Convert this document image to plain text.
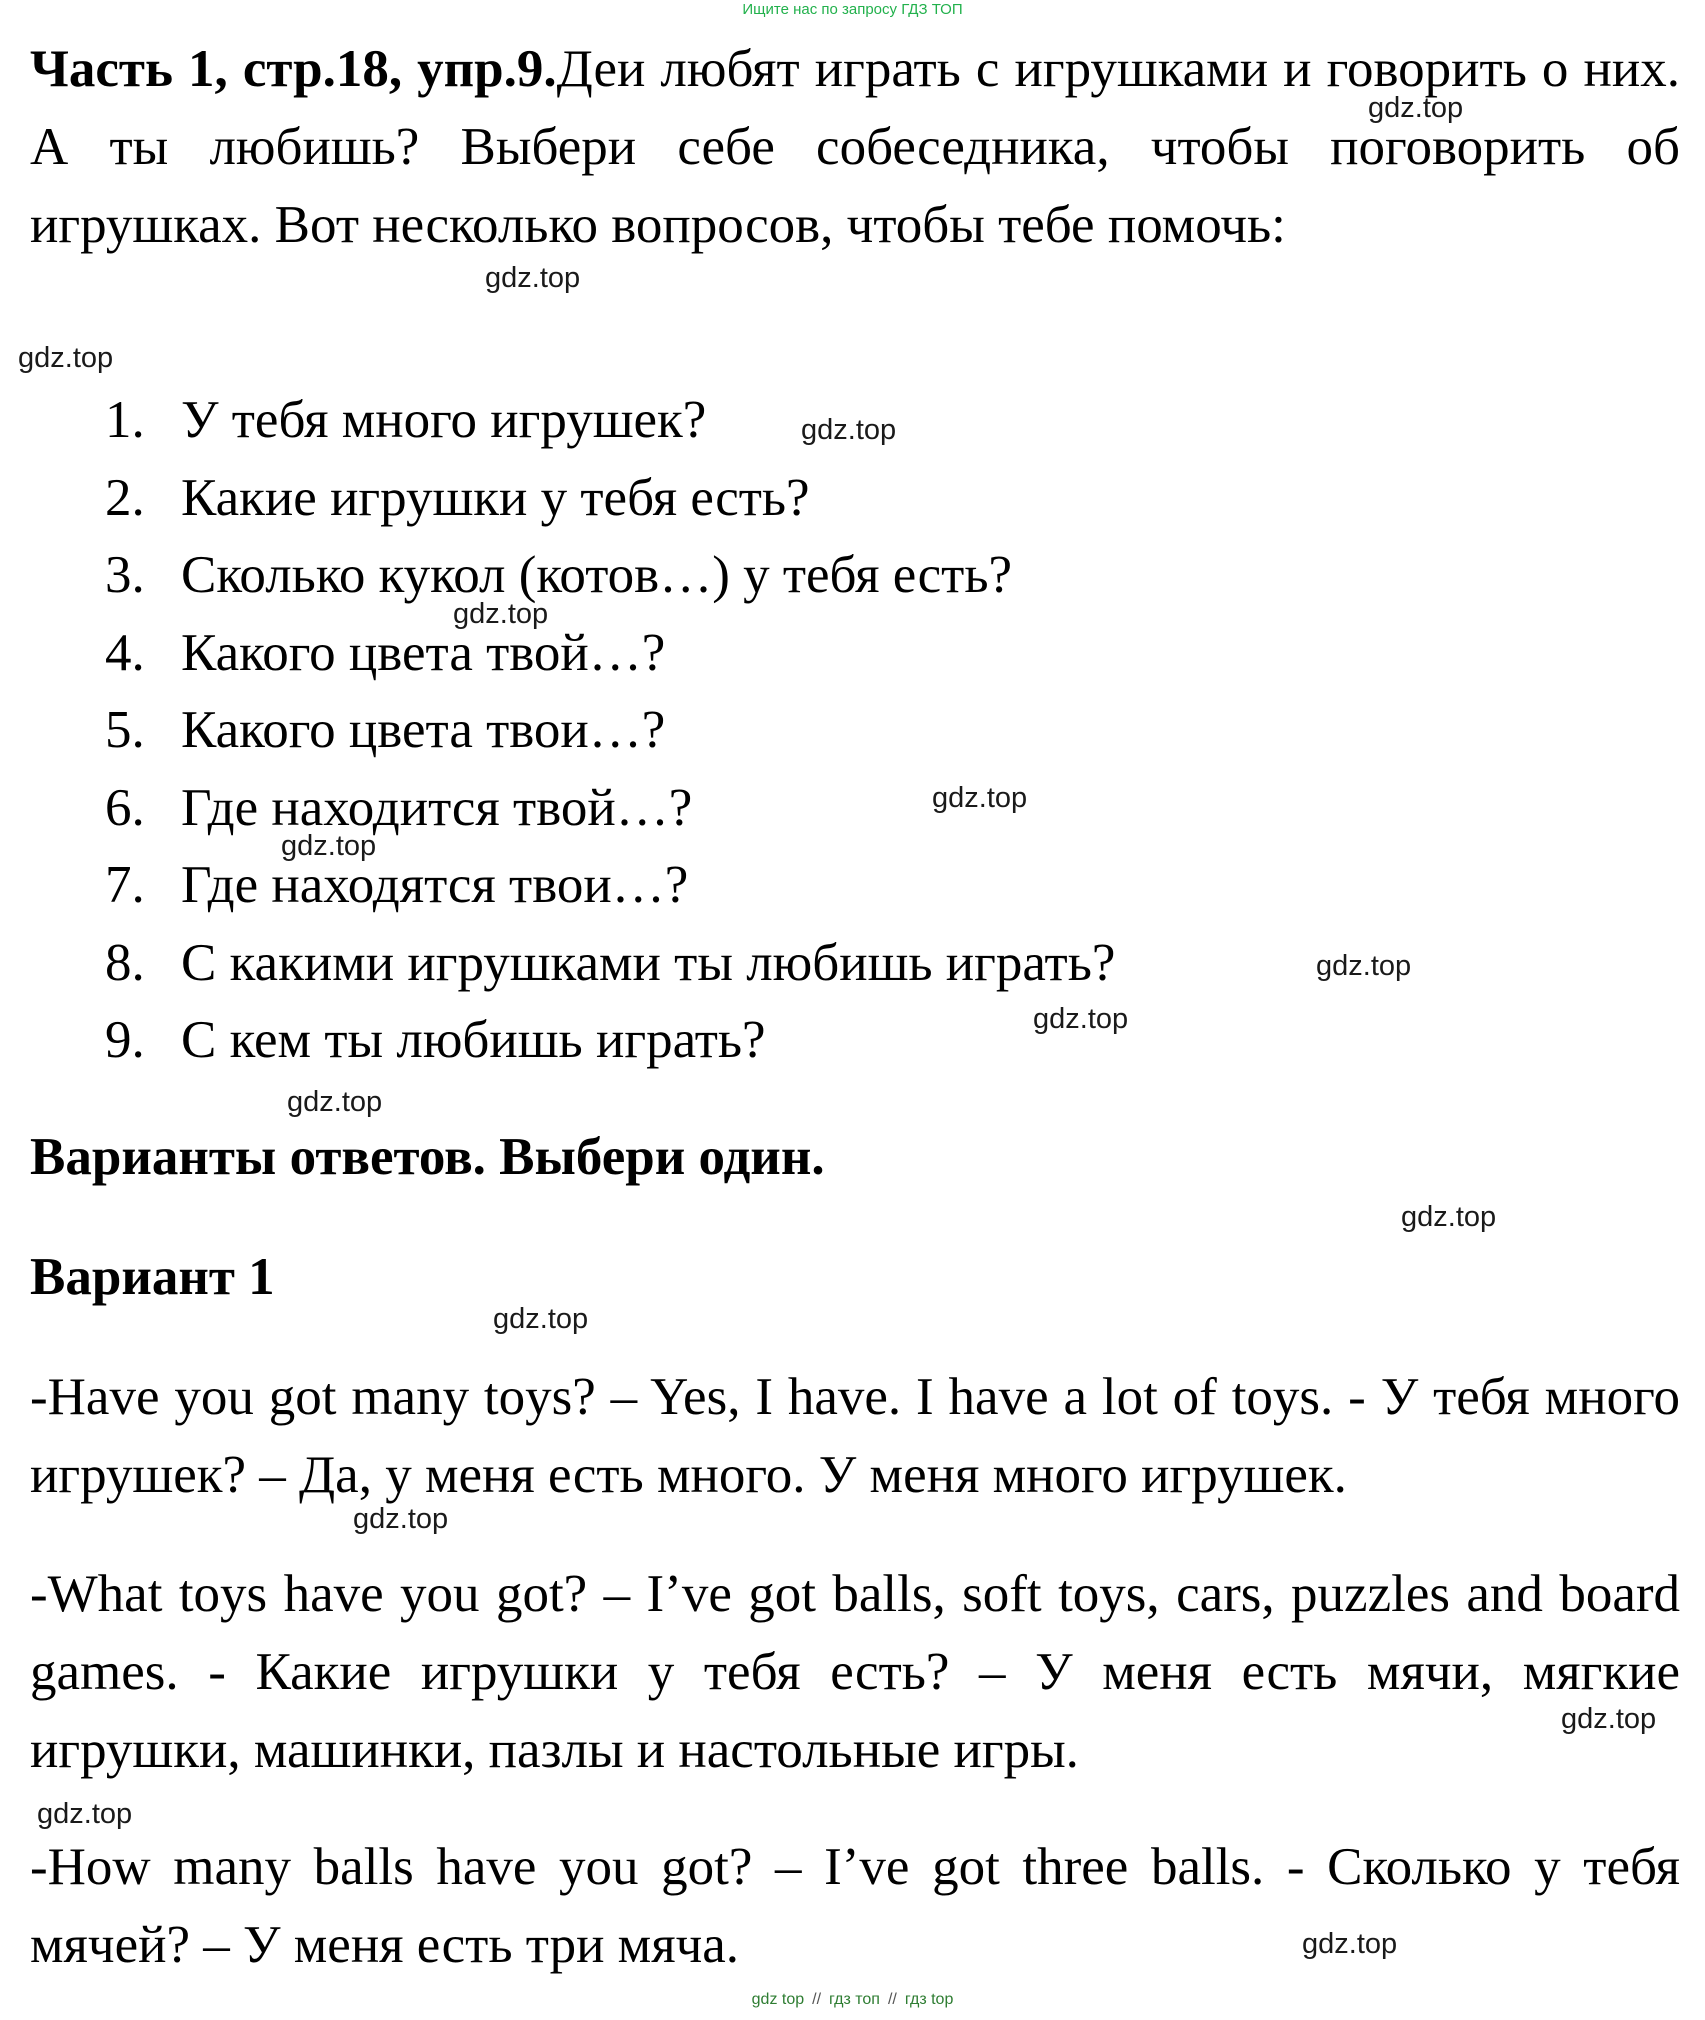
Ищите нас по запросу ГДЗ ТОП

Часть 1, стр.18, упр.9.Деи любят играть с игрушками и говорить о них. А ты любишь? Выбери себе собеседника, чтобы поговорить об игрушках. Вот несколько вопросов, чтобы тебе помочь:

1. У тебя много игрушек?
2. Какие игрушки у тебя есть?
3. Сколько кукол (котов…) у тебя есть?
4. Какого цвета твой…?
5. Какого цвета твои…?
6. Где находится твой…?
7. Где находятся твои…?
8. С какими игрушками ты любишь играть?
9. С кем ты любишь играть?
Варианты ответов. Выбери один.
Вариант 1

-Have you got many toys? – Yes, I have. I have a lot of toys. - У тебя много игрушек? – Да, у меня есть много. У меня много игрушек.

-What toys have you got? – I’ve got balls, soft toys, cars, puzzles and board games. - Какие игрушки у тебя есть? – У меня есть мячи, мягкие игрушки, машинки, пазлы и настольные игры.

-How many balls have you got? – I’ve got three balls. - Сколько у тебя мячей? – У меня есть три мяча.

gdz.top
gdz.top
gdz.top
gdz.top
gdz.top
gdz.top
gdz.top
gdz.top
gdz.top
gdz.top
gdz.top
gdz.top
gdz.top
gdz.top
gdz.top
gdz.top
gdz top // гдз топ // гдз top
